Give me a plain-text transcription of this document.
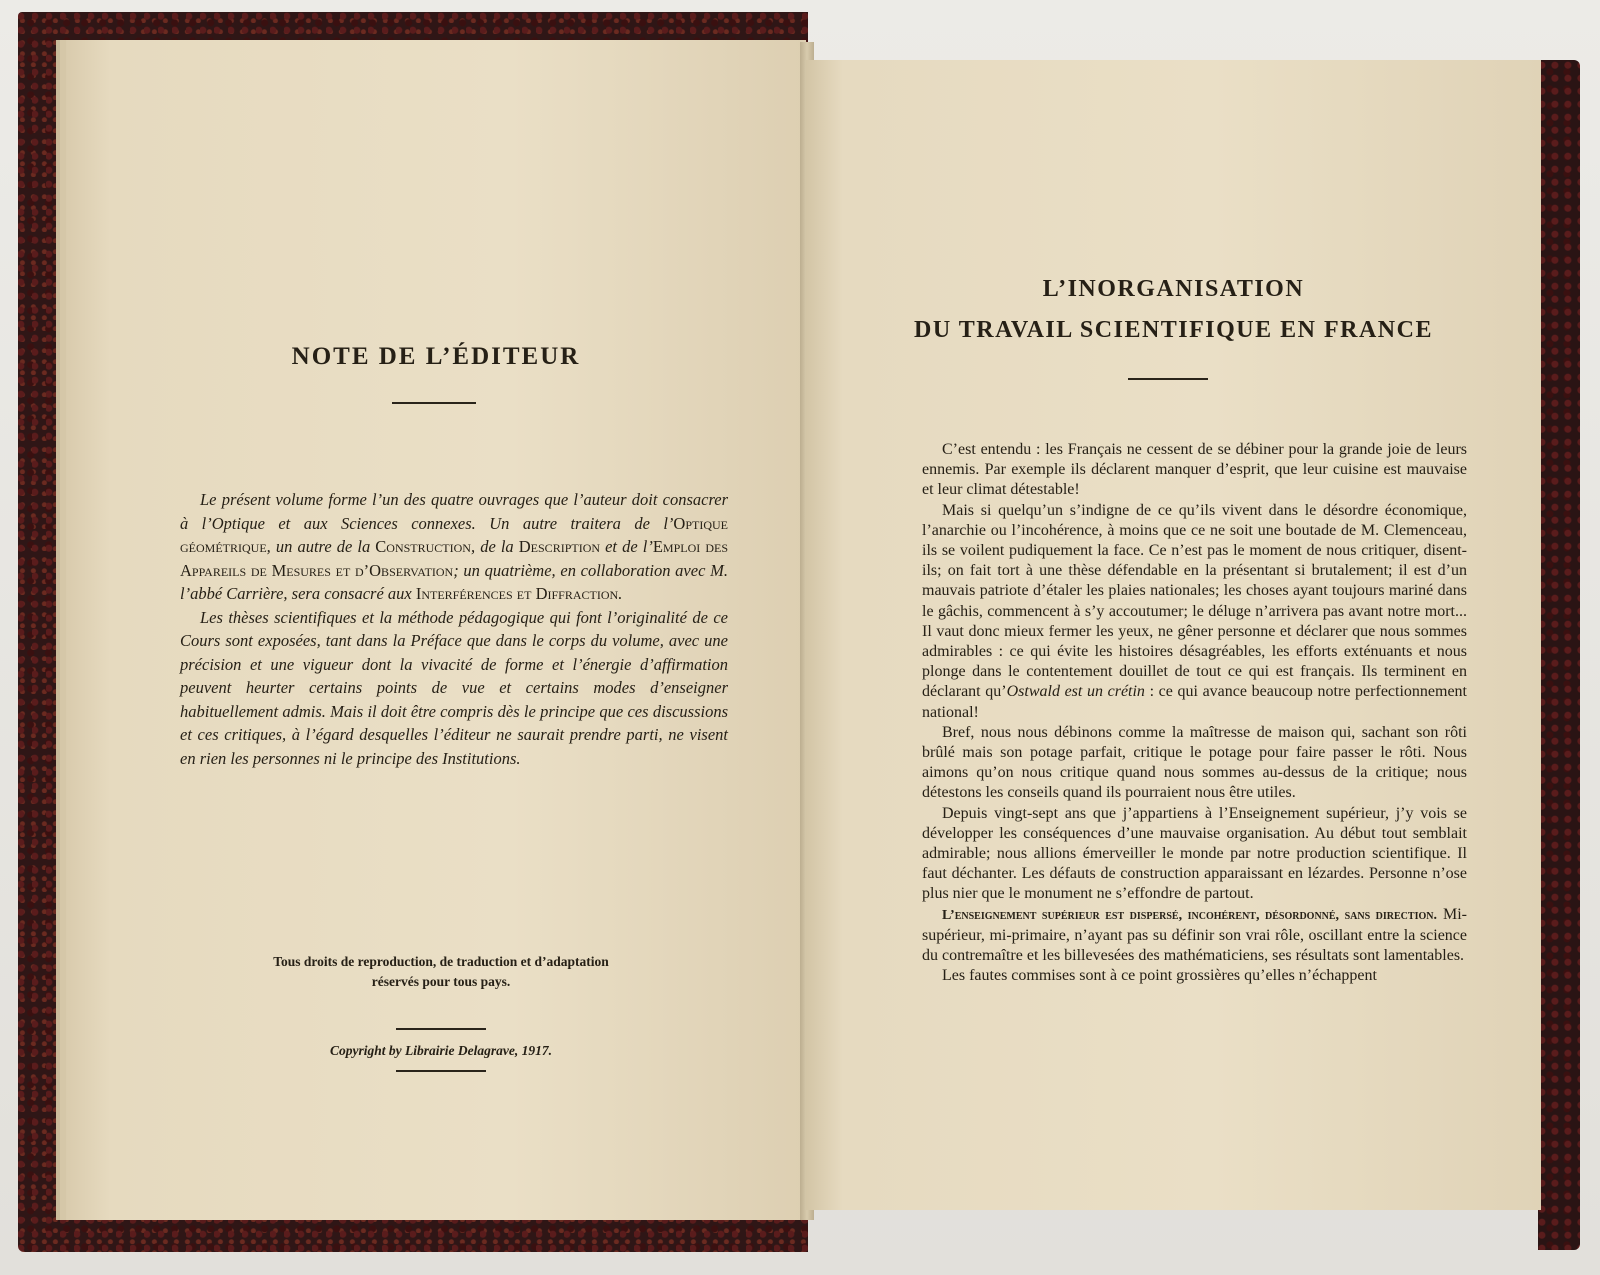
NOTE DE L’ÉDITEUR

Le présent volume forme l’un des quatre ouvrages que l’auteur doit consacrer à l’Optique et aux Sciences connexes. Un autre traitera de l’Optique géométrique, un autre de la Construction, de la Description et de l’Emploi des Appareils de Mesures et d’Observation; un quatrième, en collaboration avec M. l’abbé Carrière, sera consacré aux Interférences et Diffraction.

Les thèses scientifiques et la méthode pédagogique qui font l’originalité de ce Cours sont exposées, tant dans la Préface que dans le corps du volume, avec une précision et une vigueur dont la vivacité de forme et l’énergie d’affirmation peuvent heurter certains points de vue et certains modes d’enseigner habituellement admis. Mais il doit être compris dès le principe que ces discussions et ces critiques, à l’égard desquelles l’éditeur ne saurait prendre parti, ne visent en rien les personnes ni le principe des Institutions.

Tous droits de reproduction, de traduction et d’adaptation
réservés pour tous pays.
Copyright by Librairie Delagrave, 1917.
L’INORGANISATION
DU TRAVAIL SCIENTIFIQUE EN FRANCE

C’est entendu : les Français ne cessent de se débiner pour la grande joie de leurs ennemis. Par exemple ils déclarent manquer d’esprit, que leur cuisine est mauvaise et leur climat détestable!

Mais si quelqu’un s’indigne de ce qu’ils vivent dans le désordre économique, l’anarchie ou l’incohérence, à moins que ce ne soit une boutade de M. Clemenceau, ils se voilent pudiquement la face. Ce n’est pas le moment de nous critiquer, disent-ils; on fait tort à une thèse défendable en la présentant si brutalement; il est d’un mauvais patriote d’étaler les plaies nationales; les choses ayant toujours mariné dans le gâchis, commencent à s’y accoutumer; le déluge n’arrivera pas avant notre mort... Il vaut donc mieux fermer les yeux, ne gêner personne et déclarer que nous sommes admirables : ce qui évite les histoires désagréables, les efforts exténuants et nous plonge dans le contentement douillet de tout ce qui est français. Ils terminent en déclarant qu’Ostwald est un crétin : ce qui avance beaucoup notre perfectionnement national!

Bref, nous nous débinons comme la maîtresse de maison qui, sachant son rôti brûlé mais son potage parfait, critique le potage pour faire passer le rôti. Nous aimons qu’on nous critique quand nous sommes au-dessus de la critique; nous détestons les conseils quand ils pourraient nous être utiles.

Depuis vingt-sept ans que j’appartiens à l’Enseignement supérieur, j’y vois se développer les conséquences d’une mauvaise organisation. Au début tout semblait admirable; nous allions émerveiller le monde par notre production scientifique. Il faut déchanter. Les défauts de construction apparaissant en lézardes. Personne n’ose plus nier que le monument ne s’effondre de partout.

L’enseignement supérieur est dispersé, incohérent, désordonné, sans direction. Mi-supérieur, mi-primaire, n’ayant pas su définir son vrai rôle, oscillant entre la science du contremaître et les billevesées des mathématiciens, ses résultats sont lamentables.

Les fautes commises sont à ce point grossières qu’elles n’échappent
